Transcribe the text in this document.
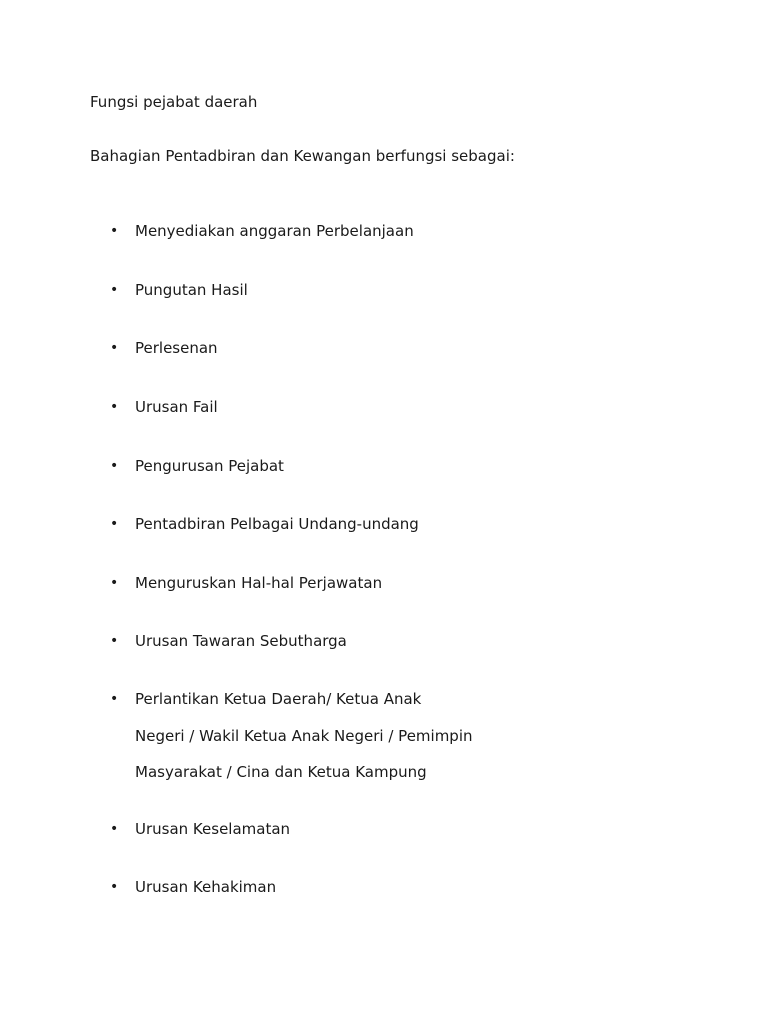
Fungsi pejabat daerah
Bahagian Pentadbiran dan Kewangan berfungsi sebagai:
• Menyediakan anggaran Perbelanjaan
• Pungutan Hasil
• Perlesenan
• Urusan Fail
• Pengurusan Pejabat
• Pentadbiran Pelbagai Undang-undang
• Menguruskan Hal-hal Perjawatan
• Urusan Tawaran Sebutharga
• Perlantikan Ketua Daerah/ Ketua Anak
Negeri / Wakil Ketua Anak Negeri / Pemimpin
Masyarakat / Cina dan Ketua Kampung
• Urusan Keselamatan
• Urusan Kehakiman
